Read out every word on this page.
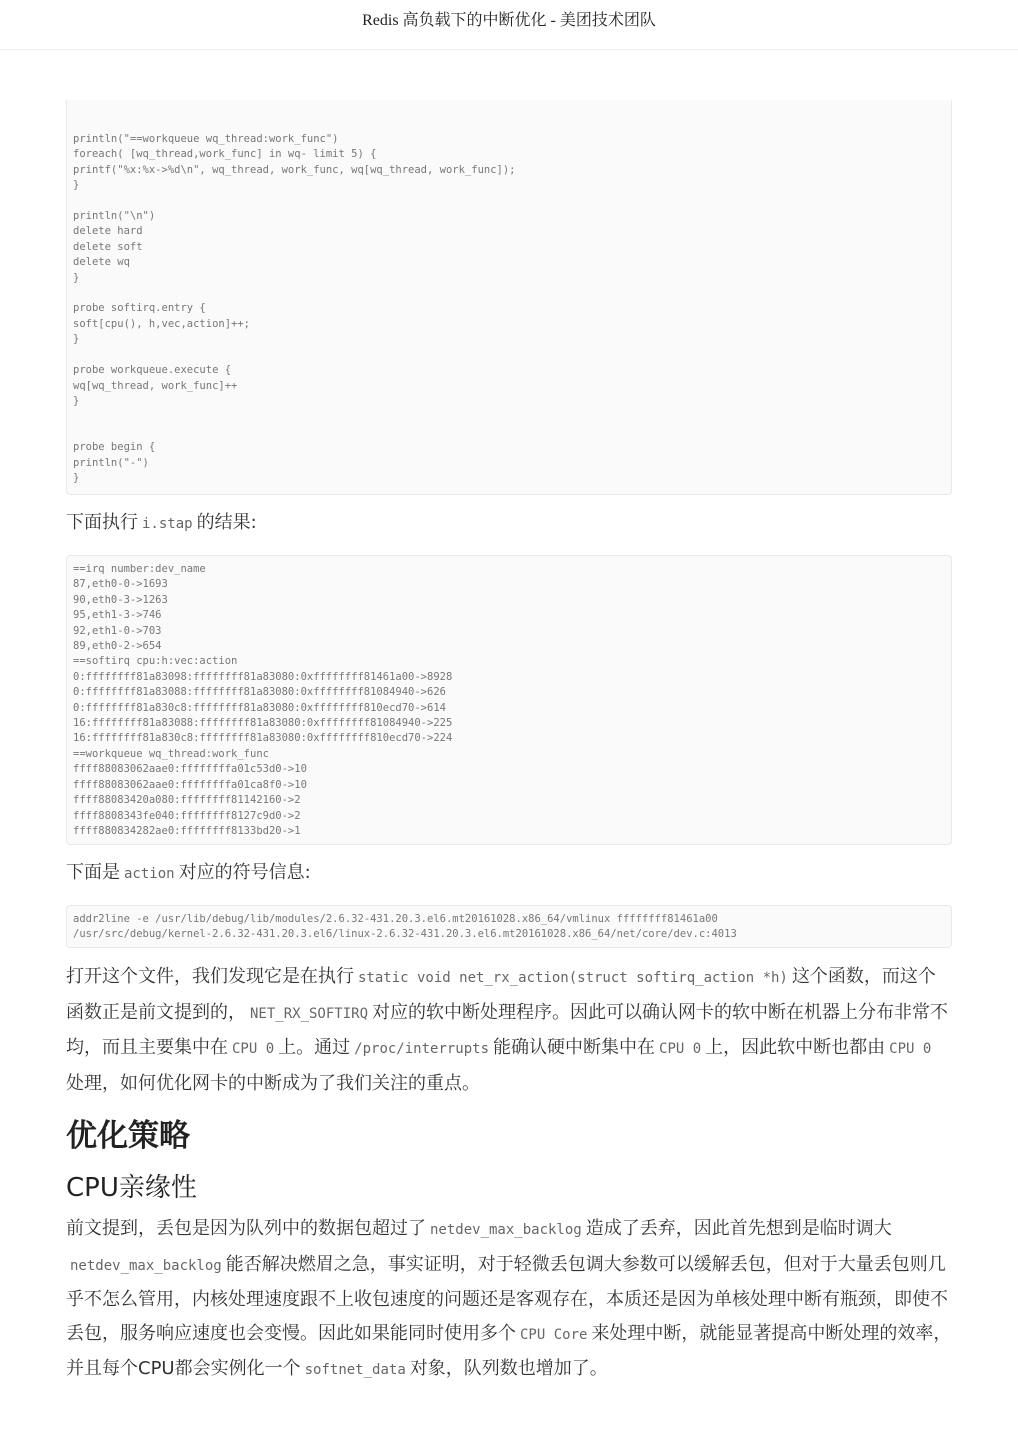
Redis 高负载下的中断优化 - 美团技术团队
println("==workqueue wq_thread:work_func")
foreach( [wq_thread,work_func] in wq- limit 5) {
printf("%x:%x->%d\n", wq_thread, work_func, wq[wq_thread, work_func]);
}

println("\n")
delete hard
delete soft
delete wq
}

probe softirq.entry {
soft[cpu(), h,vec,action]++;
}

probe workqueue.execute {
wq[wq_thread, work_func]++
}

probe begin {
println("-")
}

下面执行 i.stap 的结果:

==irq number:dev_name
87,eth0-0->1693
90,eth0-3->1263
95,eth1-3->746
92,eth1-0->703
89,eth0-2->654
==softirq cpu:h:vec:action
0:ffffffff81a83098:ffffffff81a83080:0xffffffff81461a00->8928
0:ffffffff81a83088:ffffffff81a83080:0xffffffff81084940->626
0:ffffffff81a830c8:ffffffff81a83080:0xffffffff810ecd70->614
16:ffffffff81a83088:ffffffff81a83080:0xffffffff81084940->225
16:ffffffff81a830c8:ffffffff81a83080:0xffffffff810ecd70->224
==workqueue wq_thread:work_func
ffff88083062aae0:ffffffffa01c53d0->10
ffff88083062aae0:ffffffffa01ca8f0->10
ffff88083420a080:ffffffff81142160->2
ffff8808343fe040:ffffffff8127c9d0->2
ffff880834282ae0:ffffffff8133bd20->1

下面是 action 对应的符号信息:

addr2line -e /usr/lib/debug/lib/modules/2.6.32-431.20.3.el6.mt20161028.x86_64/vmlinux ffffffff81461a00
/usr/src/debug/kernel-2.6.32-431.20.3.el6/linux-2.6.32-431.20.3.el6.mt20161028.x86_64/net/core/dev.c:4013

打开这个文件，我们发现它是在执行 static void net_rx_action(struct softirq_action *h) 这个函数，而这个函数正是前文提到的， NET_RX_SOFTIRQ 对应的软中断处理程序。因此可以确认网卡的软中断在机器上分布非常不均，而且主要集中在 CPU 0 上。通过 /proc/interrupts 能确认硬中断集中在 CPU 0 上，因此软中断也都由 CPU 0处理，如何优化网卡的中断成为了我们关注的重点。

优化策略
CPU亲缘性

前文提到，丢包是因为队列中的数据包超过了 netdev_max_backlog 造成了丢弃，因此首先想到是临时调大netdev_max_backlog 能否解决燃眉之急，事实证明，对于轻微丢包调大参数可以缓解丢包，但对于大量丢包则几乎不怎么管用，内核处理速度跟不上收包速度的问题还是客观存在，本质还是因为单核处理中断有瓶颈，即使不丢包，服务响应速度也会变慢。因此如果能同时使用多个 CPU Core 来处理中断，就能显著提高中断处理的效率，并且每个CPU都会实例化一个 softnet_data 对象，队列数也增加了。
